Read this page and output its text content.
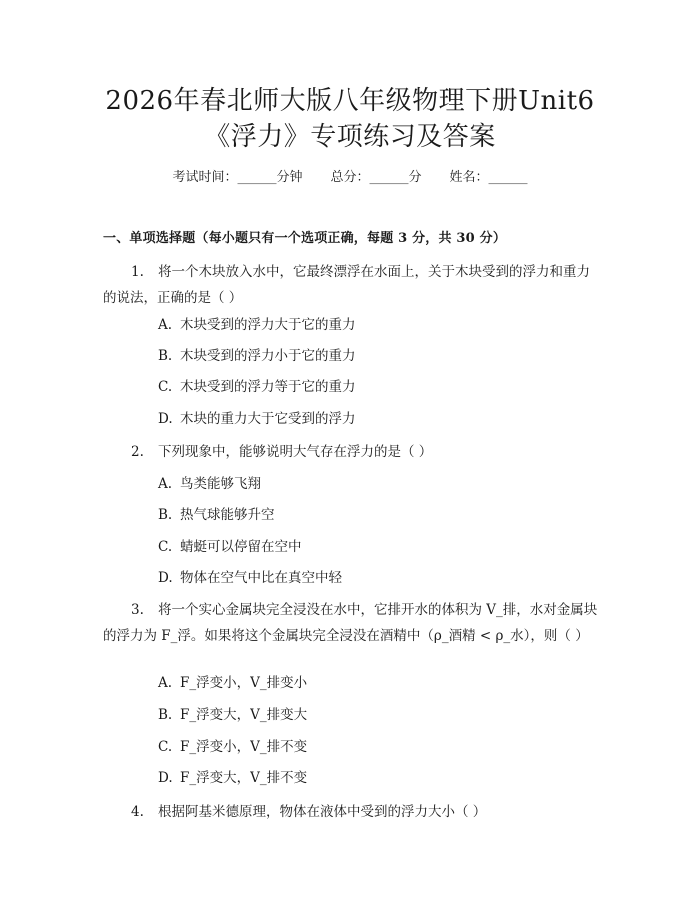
2026年春北师大版八年级物理下册Unit6
《浮力》专项练习及答案
考试时间：______分钟 总分：______分 姓名：______
一、单项选择题（每小题只有一个选项正确，每题 3 分，共 30 分）
1. 将一个木块放入水中，它最终漂浮在水面上，关于木块受到的浮力和重力的说法，正确的是（ ）
A. 木块受到的浮力大于它的重力
B. 木块受到的浮力小于它的重力
C. 木块受到的浮力等于它的重力
D. 木块的重力大于它受到的浮力
2. 下列现象中，能够说明大气存在浮力的是（ ）
A. 鸟类能够飞翔
B. 热气球能够升空
C. 蜻蜓可以停留在空中
D. 物体在空气中比在真空中轻
3. 将一个实心金属块完全浸没在水中，它排开水的体积为 V_排，水对金属块的浮力为 F_浮。如果将这个金属块完全浸没在酒精中（ρ_酒精 < ρ_水），则（ ）
A. F_浮变小，V_排变小
B. F_浮变大，V_排变大
C. F_浮变小，V_排不变
D. F_浮变大，V_排不变
4. 根据阿基米德原理，物体在液体中受到的浮力大小（ ）
